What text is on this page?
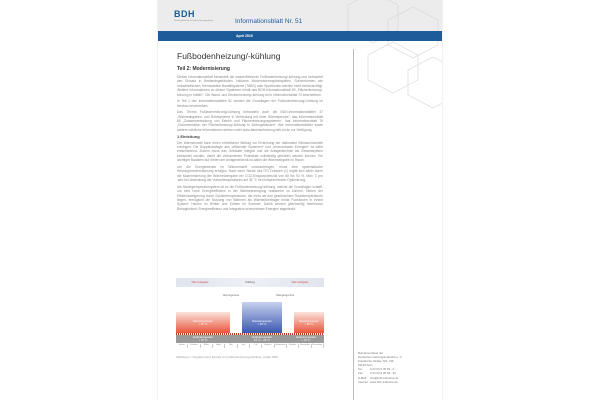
BDH
Bundesverband der Deutschen Heizungsindustrie	Informationsblatt Nr. 51
April 2019
Fußbodenheizung/-kühlung
Teil 2: Modernisierung

Dieses Informationsblatt behandelt die wasserführende Fußbodenheizung/-kühlung und betrachtet den Einsatz in Bestandsgebäuden. Inklusive Modernisierungsbeispielen. Sonderformen wie Industrieflächen, thermoaktive Bauteilsysteme (TABS) oder Sportböden werden nicht berücksichtigt. Weitere Informationen zu diesen Systemen erhält das BDH-Informationsblatt 69 „Flächenheizung/-kühlung in Hallen“. Die Wand- und Deckenheizung/-kühlung ist in Informationsblatt 73 beschrieben.

In Teil 1 des Informationsblattes 51 werden die Grundlagen der Fußbodenheizung/-kühlung im Neubau beschrieben.

Das Thema Fußbodenheizung/-kühlung behandeln auch die BDH-Informationsblätter 37 „Wärmeabgaben- und Rohrsysteme in Verbindung mit einer Wärmepumpe“, das Informationsblatt 65 „Zusammenwirkung von Estrich und Flächenheizungssystemen“, das Informationsblatt 76 „Dokumentation der Flächenheizung/-kühlung in Wohngebäuden“. Alle Informationsblätter sowie weitere nützliche Informationen stehen unter www.flaechenheizung.bdh-ev.de zur Verfügung.

1 Einleitung

Der Wärmemarkt kann einen erheblichen Beitrag zur Erreichung der nationalen Klimaschutzziele erbringen. Die Doppelstrategie aus „effizienter Systemen“ und „erneuerbaren Energien“ ist dafür entscheidend. Zudem muss das Gebäude integral und die Anlagentechnik als Gesamtsystem betrachtet werden, damit die vorhandenen Potentiale vollständig gehoben werden können. Ein wichtiger Baustein auf Seiten der Anlagentechnik ist dabei die Wärmeabgabe im Raum.

Um die Energiewende im Wärmemarkt voranzubringen, muss eine systematische Heizungsmodernisierung erfolgen. Nach einer Studie des ITG Dresden (1) ergibt sich allein durch die Modernisierung der Wärmeübergabe ein CO2-Einsparpotenzial von 80 bis 93 %. Max. 1 pro Jahr bei Absenkung der Vorlauftemperaturen auf 35 °C bei entsprechender Optimierung.

Als Niedrigtemperatursystem ist es die Fußbodenheizung/-kühlung, welche die Grundlagen schafft, um eine hohe Energieeffizienz in der Wärmeerzeugung realisieren zu können. Neben der Effizienzsteigerung durch Systemtemperaturen, die mehr als den gewünschten Raumtemperaturen liegen, ermöglicht die Nutzung von Wärmen als Wärmeübertrager beide Funktionen in einem System: Heizen im Winter und Kühlen im Sommer. Damit werden gleichzeitig thermische Behaglichkeit, Energieeffizienz und Integration erneuerbarer Energien abgedeckt.

Wärmeabgabe	Kühlung	Wärmeabgabe
Heizungszone	Übergangszone
Raumtemperatur
> 20 °C
Raumtemperatur
< 26 °C
Raumtemperatur
> 20 °C
Außentemperatur
< 15 °C
Außentemperatur
15 °C – 26 °C
Außentemperatur
< 15 °C
Januar	Februar	März	April	Mai	Juni	Juli	August	September	Oktober	November	Dezember
Abbildung 1: Vorgaben beim Einsatz von Fußbodenheizung/-kühlung; Quelle: BDH
Bundesverband der
Deutschen Heizungsindustrie e. V.
Frankfurter Straße 720–726
51145 Köln
Tel.	0 22 03 9 35 93 - 0
Fax 0 22 03 9 35 93 - 22
E-Mail info@bdh-industrie.de
Internet www.bdh-industrie.de
